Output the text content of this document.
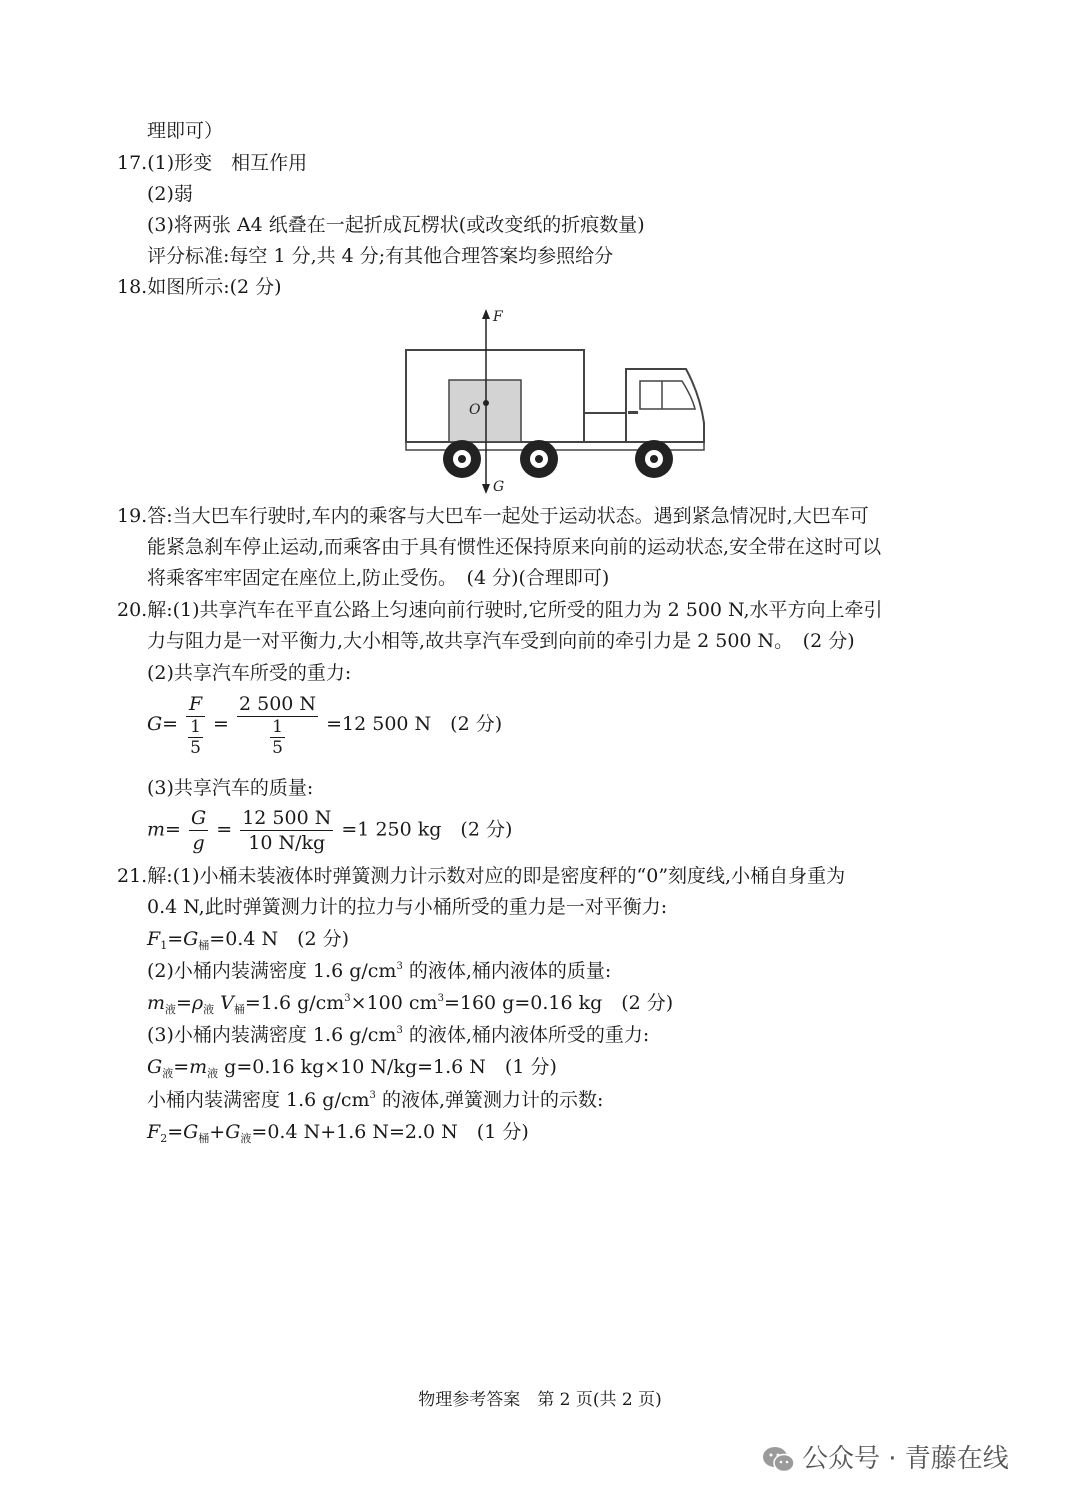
理即可）
17.(1)形变　相互作用
(2)弱
(3)将两张 A4 纸叠在一起折成瓦楞状(或改变纸的折痕数量)
评分标准:每空 1 分,共 4 分;有其他合理答案均参照给分
18.如图所示:(2 分)
F
O
G
19.答:当大巴车行驶时,车内的乘客与大巴车一起处于运动状态。遇到紧急情况时,大巴车可
能紧急刹车停止运动,而乘客由于具有惯性还保持原来向前的运动状态,安全带在这时可以
将乘客牢牢固定在座位上,防止受伤。　(4 分)(合理即可)
20.解:(1)共享汽车在平直公路上匀速向前行驶时,它所受的阻力为 2 500 N,水平方向上牵引
力与阻力是一对平衡力,大小相等,故共享汽车受到向前的牵引力是 2 500 N。　(2 分)
(2)共享汽车所受的重力:
$G= \frac{F}{\frac{1}{5}} = \frac{2 500 N}{\frac{1}{5}} =12$ 500 N　(2 分)
(3)共享汽车的质量:
$m= \frac{G}{g} = \frac{12 500 N}{10 N/kg} =1$ 250 kg　(2 分)
21.解:(1)小桶未装液体时弹簧测力计示数对应的即是密度秤的“0”刻度线,小桶自身重为
0.4 N,此时弹簧测力计的拉力与小桶所受的重力是一对平衡力:
$F_1=G_桶=0.4$ N　(2 分)
(2)小桶内装满密度 1.6 $g/cm^3$ 的液体,桶内液体的质量:
$m_液=\rho_液$ $V_桶=1.6$ $g/cm^3\times 100$ $cm^3=160$ g=0.16 kg　(2 分)
(3)小桶内装满密度 1.6 $g/cm^3$ 的液体,桶内液体所受的重力:
$G_液=m_液$ g=0.16 kg×10 N/kg=1.6 N　(1 分)
小桶内装满密度 1.6 $g/cm^3$ 的液体,弹簧测力计的示数:
$F_2=G_桶+G_液=0.4$ N+1.6 N=2.0 N　(1 分)
物理参考答案　第 2 页(共 2 页)
公众号 · 青藤在线
